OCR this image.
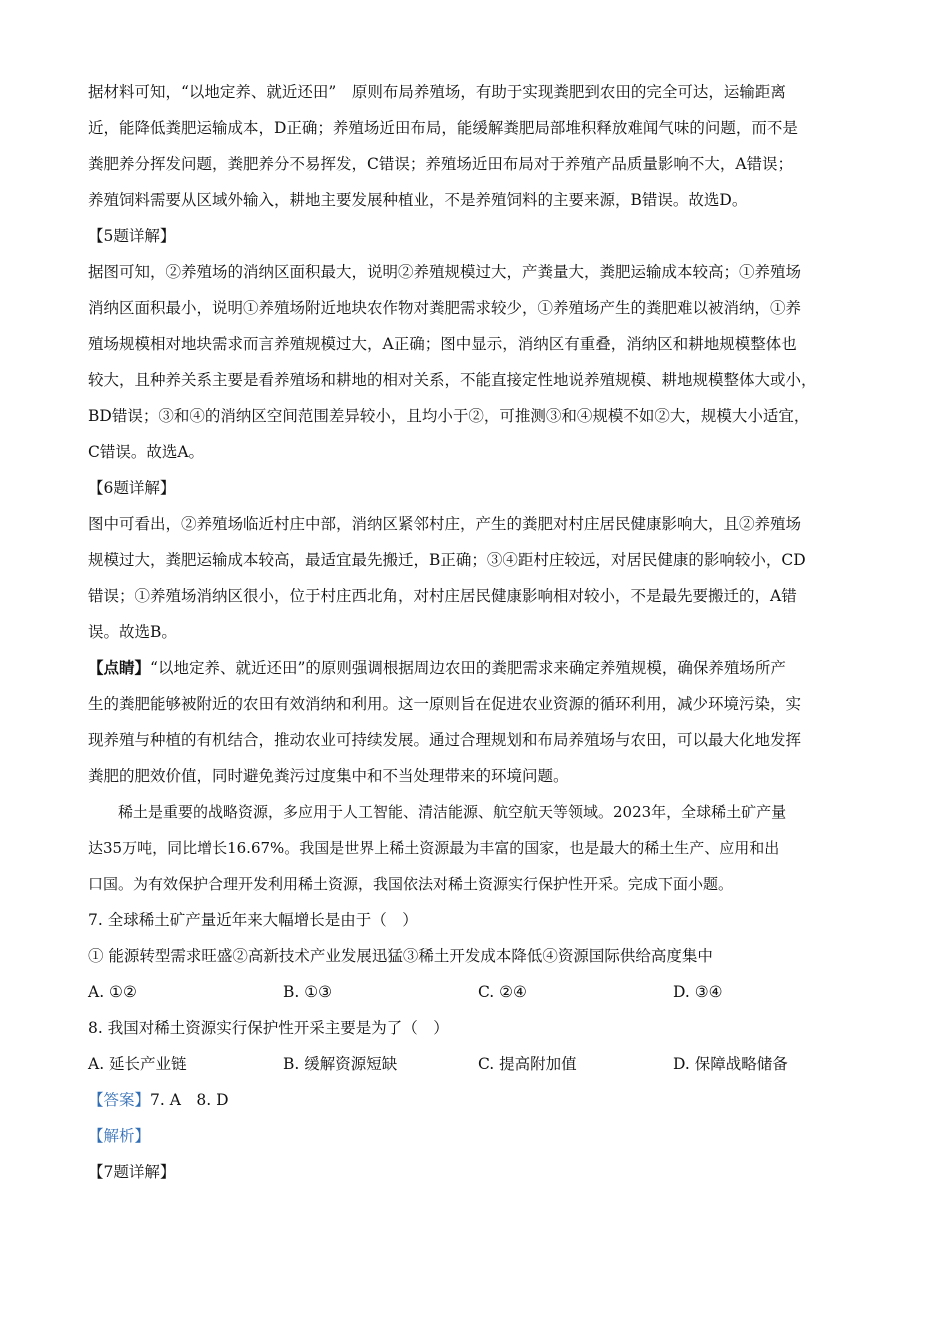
据材料可知，“以地定养、就近还田”　原则布局养殖场，有助于实现粪肥到农田的完全可达，运输距离
近，能降低粪肥运输成本，D正确；养殖场近田布局，能缓解粪肥局部堆积释放难闻气味的问题，而不是
粪肥养分挥发问题，粪肥养分不易挥发，C错误；养殖场近田布局对于养殖产品质量影响不大，A错误；
养殖饲料需要从区域外输入，耕地主要发展种植业，不是养殖饲料的主要来源，B错误。故选D。
【5题详解】
据图可知，②养殖场的消纳区面积最大，说明②养殖规模过大，产粪量大，粪肥运输成本较高；①养殖场
消纳区面积最小，说明①养殖场附近地块农作物对粪肥需求较少，①养殖场产生的粪肥难以被消纳，①养
殖场规模相对地块需求而言养殖规模过大，A正确；图中显示，消纳区有重叠，消纳区和耕地规模整体也
较大，且种养关系主要是看养殖场和耕地的相对关系，不能直接定性地说养殖规模、耕地规模整体大或小，
BD错误；③和④的消纳区空间范围差异较小，且均小于②，可推测③和④规模不如②大，规模大小适宜，
C错误。故选A。
【6题详解】
图中可看出，②养殖场临近村庄中部，消纳区紧邻村庄，产生的粪肥对村庄居民健康影响大，且②养殖场
规模过大，粪肥运输成本较高，最适宜最先搬迁，B正确；③④距村庄较远，对居民健康的影响较小，CD
错误；①养殖场消纳区很小，位于村庄西北角，对村庄居民健康影响相对较小，不是最先要搬迁的，A错
误。故选B。
【点睛】“以地定养、就近还田”的原则强调根据周边农田的粪肥需求来确定养殖规模，确保养殖场所产
生的粪肥能够被附近的农田有效消纳和利用。这一原则旨在促进农业资源的循环利用，减少环境污染，实
现养殖与种植的有机结合，推动农业可持续发展。通过合理规划和布局养殖场与农田，可以最大化地发挥
粪肥的肥效价值，同时避免粪污过度集中和不当处理带来的环境问题。
稀土是重要的战略资源，多应用于人工智能、清洁能源、航空航天等领域。2023年，全球稀土矿产量
达35万吨，同比增长16.67%。我国是世界上稀土资源最为丰富的国家，也是最大的稀土生产、应用和出
口国。为有效保护合理开发利用稀土资源，我国依法对稀土资源实行保护性开采。完成下面小题。
7. 全球稀土矿产量近年来大幅增长是由于（　）
① 能源转型需求旺盛②高新技术产业发展迅猛③稀土开发成本降低④资源国际供给高度集中
A. ①②	B. ①③	C. ②④	D. ③④
8. 我国对稀土资源实行保护性开采主要是为了（　）
A. 延长产业链	B. 缓解资源短缺	C. 提高附加值	D. 保障战略储备
【答案】7. A　8. D
【解析】
【7题详解】
